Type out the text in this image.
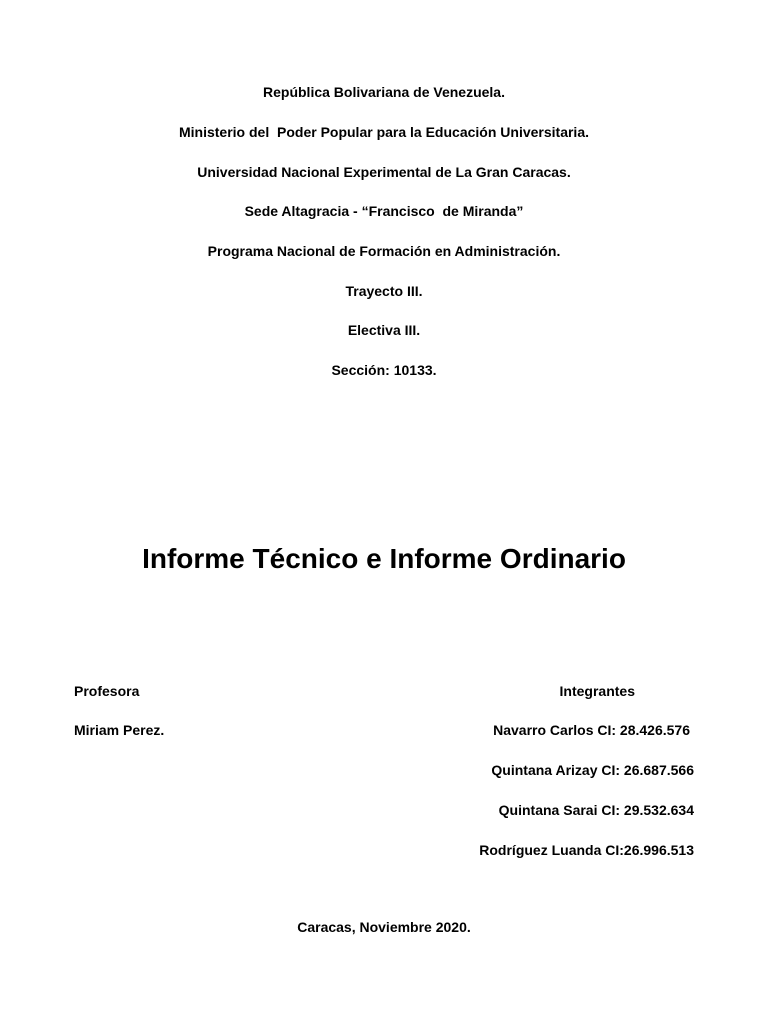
República Bolivariana de Venezuela.
Ministerio del  Poder Popular para la Educación Universitaria.
Universidad Nacional Experimental de La Gran Caracas.
Sede Altagracia - “Francisco  de Miranda”
Programa Nacional de Formación en Administración.
Trayecto III.
Electiva III.
Sección: 10133.
Informe Técnico e Informe Ordinario
Profesora
Miriam Perez.
Integrantes
Navarro Carlos CI: 28.426.576
Quintana Arizay CI: 26.687.566
Quintana Sarai CI: 29.532.634
Rodríguez Luanda CI:26.996.513
Caracas, Noviembre 2020.
